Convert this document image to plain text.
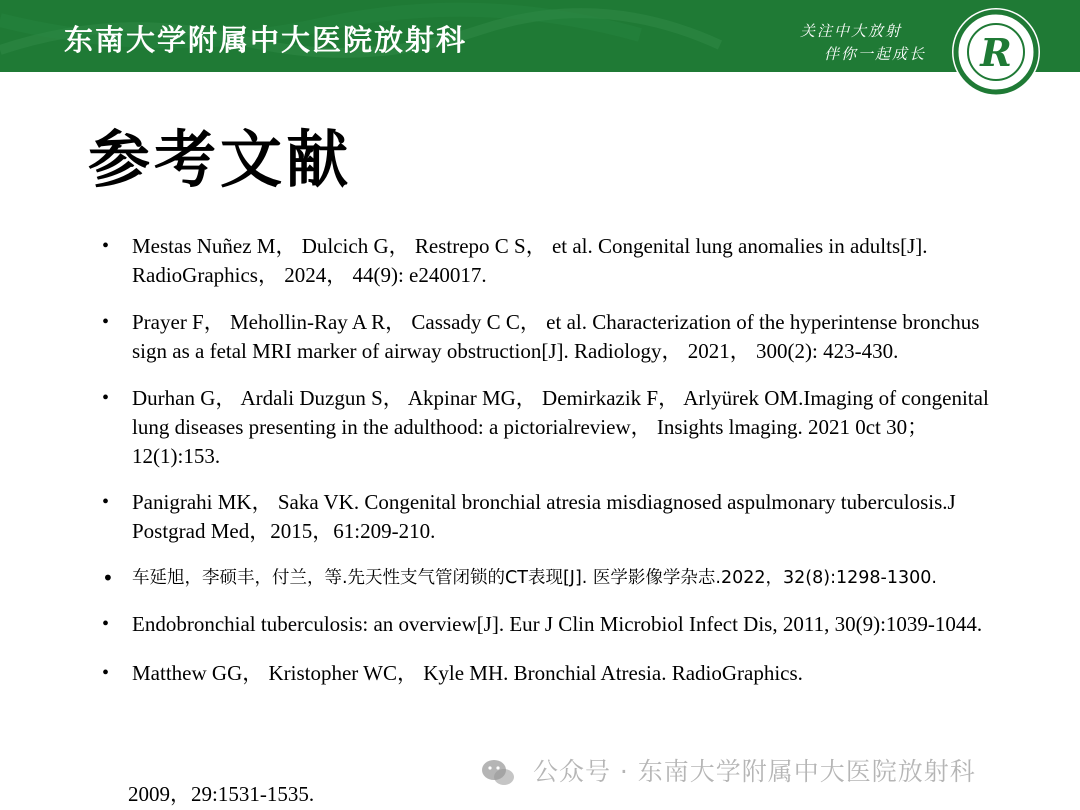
东南大学附属中大医院放射科	关注中大放射
伴你一起成长 R
参考文献
• Mestas Nuñez M， Dulcich G， Restrepo C S， et al. Congenital lung anomalies in adults[J]. RadioGraphics， 2024， 44(9): e240017.
• Prayer F， Mehollin-Ray A R， Cassady C C， et al. Characterization of the hyperintense bronchus sign as a fetal MRI marker of airway obstruction[J]. Radiology， 2021， 300(2): 423-430.
• Durhan G， Ardali Duzgun S， Akpinar MG， Demirkazik F， Arlyürek OM.Imaging of congenital lung diseases presenting in the adulthood: a pictorialreview， Insights lmaging. 2021 0ct 30；12(1):153.
• Panigrahi MK， Saka VK. Congenital bronchial atresia misdiagnosed aspulmonary tuberculosis.J Postgrad Med，2015，61:209-210.
• 车延旭，李硕丰，付兰，等.先天性支气管闭锁的CT表现[J]. 医学影像学杂志.2022，32(8):1298-1300.
• Endobronchial tuberculosis: an overview[J]. Eur J Clin Microbiol Infect Dis, 2011, 30(9):1039-1044.
• Matthew GG， Kristopher WC， Kyle MH. Bronchial Atresia. RadioGraphics.
2009，29:1531-1535.
公众号 · 东南大学附属中大医院放射科
